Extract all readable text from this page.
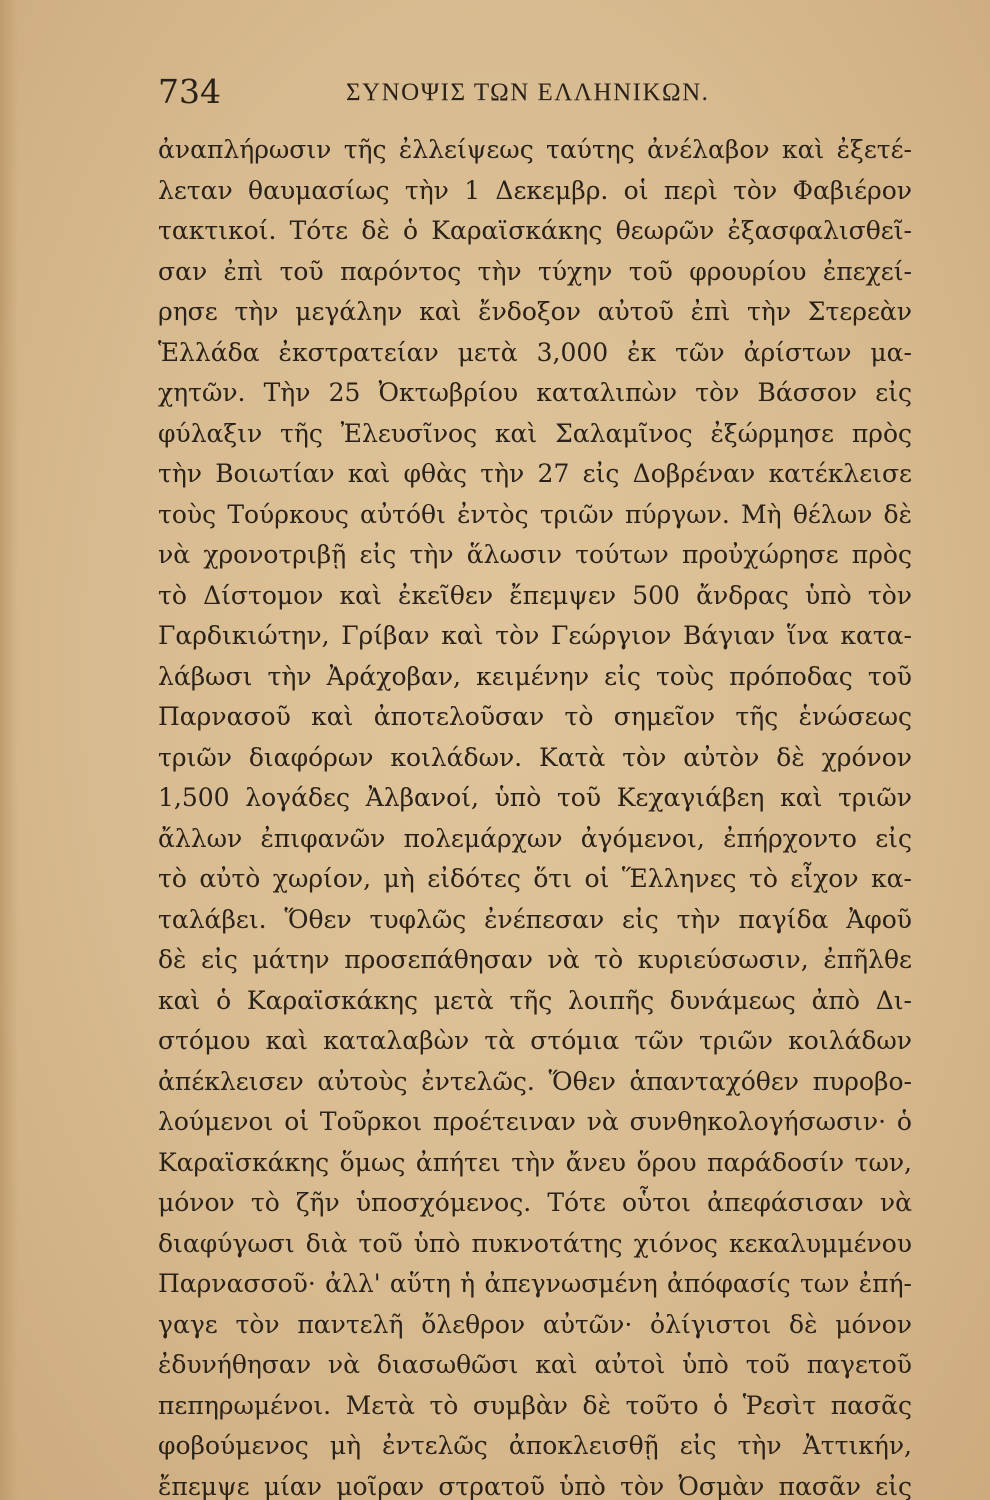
734	ΣΥΝΟΨΙΣ ΤΩΝ ΕΛΛΗΝΙΚΩΝ.
ἀναπλήρωσιν τῆς ἐλλείψεως ταύτης ἀνέλαβον καὶ ἐξετέ-
λεταν θαυμασίως τὴν 1 Δεκεμβρ. οἱ περὶ τὸν Φαβιέρον
τακτικοί. Τότε δὲ ὁ Καραϊσκάκης θεωρῶν ἐξασφαλισθεῖ-
σαν ἐπὶ τοῦ παρόντος τὴν τύχην τοῦ φρουρίου ἐπεχεί-
ρησε τὴν μεγάλην καὶ ἔνδοξον αὐτοῦ ἐπὶ τὴν Στερεὰν
Ἑλλάδα ἐκστρατείαν μετὰ 3,000 ἐκ τῶν ἀρίστων μα-
χητῶν. Τὴν 25 Ὀκτωβρίου καταλιπὼν τὸν Βάσσον εἰς
φύλαξιν τῆς Ἐλευσῖνος καὶ Σαλαμῖνος ἐξώρμησε πρὸς
τὴν Βοιωτίαν καὶ φθὰς τὴν 27 εἰς Δοβρέναν κατέκλεισε
τοὺς Τούρκους αὐτόθι ἐντὸς τριῶν πύργων. Μὴ θέλων δὲ
νὰ χρονοτριβῇ εἰς τὴν ἅλωσιν τούτων προὐχώρησε πρὸς
τὸ Δίστομον καὶ ἐκεῖθεν ἔπεμψεν 500 ἄνδρας ὑπὸ τὸν
Γαρδικιώτην, Γρίβαν καὶ τὸν Γεώργιον Βάγιαν ἵνα κατα-
λάβωσι τὴν Ἀράχοβαν, κειμένην εἰς τοὺς πρόποδας τοῦ
Παρνασοῦ καὶ ἀποτελοῦσαν τὸ σημεῖον τῆς ἑνώσεως
τριῶν διαφόρων κοιλάδων. Κατὰ τὸν αὐτὸν δὲ χρόνον
1,500 λογάδες Ἀλβανοί, ὑπὸ τοῦ Κεχαγιάβεη καὶ τριῶν
ἄλλων ἐπιφανῶν πολεμάρχων ἀγόμενοι, ἐπήρχοντο εἰς
τὸ αὐτὸ χωρίον, μὴ εἰδότες ὅτι οἱ Ἕλληνες τὸ εἶχον κα-
ταλάβει. Ὅθεν τυφλῶς ἐνέπεσαν εἰς τὴν παγίδα Ἀφοῦ
δὲ εἰς μάτην προσεπάθησαν νὰ τὸ κυριεύσωσιν, ἐπῆλθε
καὶ ὁ Καραϊσκάκης μετὰ τῆς λοιπῆς δυνάμεως ἀπὸ Δι-
στόμου καὶ καταλαβὼν τὰ στόμια τῶν τριῶν κοιλάδων
ἀπέκλεισεν αὐτοὺς ἐντελῶς. Ὅθεν ἁπανταχόθεν πυροβο-
λούμενοι οἱ Τοῦρκοι προέτειναν νὰ συνθηκολογήσωσιν· ὁ
Καραϊσκάκης ὅμως ἀπήτει τὴν ἄνευ ὅρου παράδοσίν των,
μόνον τὸ ζῆν ὑποσχόμενος. Τότε οὗτοι ἀπεφάσισαν νὰ
διαφύγωσι διὰ τοῦ ὑπὸ πυκνοτάτης χιόνος κεκαλυμμένου
Παρνασσοῦ· ἀλλ' αὕτη ἡ ἀπεγνωσμένη ἀπόφασίς των ἐπή-
γαγε τὸν παντελῆ ὄλεθρον αὐτῶν· ὀλίγιστοι δὲ μόνον
ἐδυνήθησαν νὰ διασωθῶσι καὶ αὐτοὶ ὑπὸ τοῦ παγετοῦ
πεπηρωμένοι. Μετὰ τὸ συμβὰν δὲ τοῦτο ὁ Ῥεσὶτ πασᾶς
φοβούμενος μὴ ἐντελῶς ἀποκλεισθῇ εἰς τὴν Ἀττικήν,
ἔπεμψε μίαν μοῖραν στρατοῦ ὑπὸ τὸν Ὀσμὰν πασᾶν εἰς
